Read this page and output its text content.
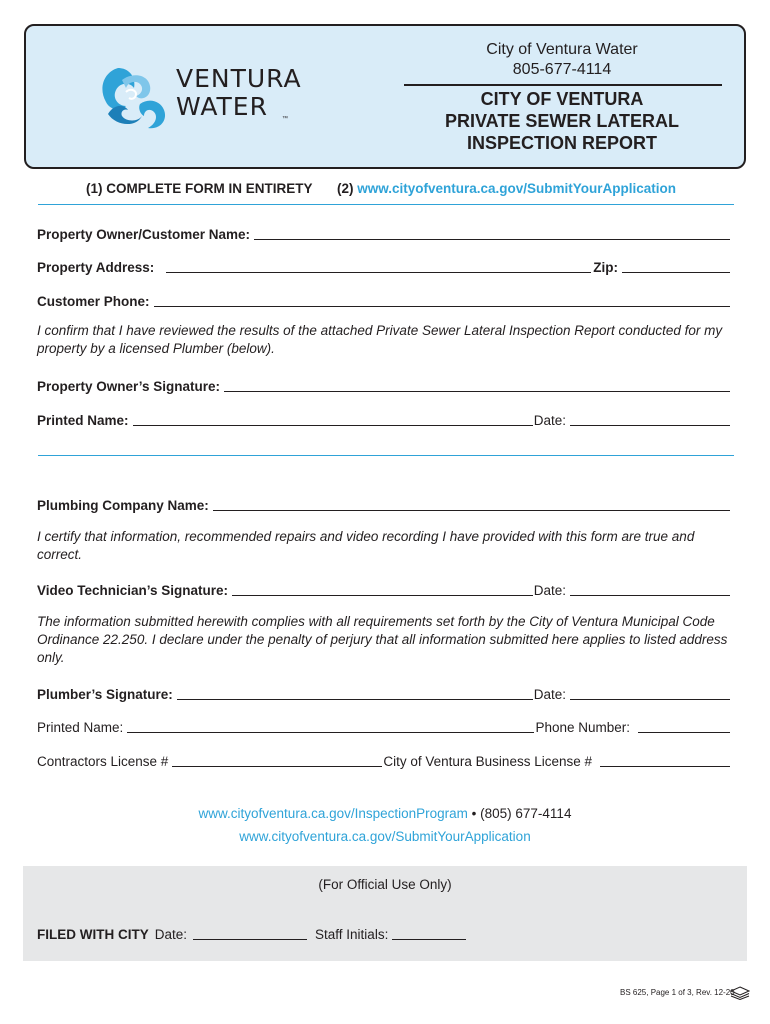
VENTURA
WATER ™
City of Ventura Water
805-677-4114
CITY OF VENTURA
PRIVATE SEWER LATERAL
INSPECTION REPORT
(1) COMPLETE FORM IN ENTIRETY (2) www.cityofventura.ca.gov/SubmitYourApplication
Property Owner/Customer Name:
Property Address:	Zip:
Customer Phone:
I confirm that I have reviewed the results of the attached Private Sewer Lateral Inspection Report conducted for my property by a licensed Plumber (below).
Property Owner’s Signature:
Printed Name:	Date:
Plumbing Company Name:
I certify that information, recommended repairs and video recording I have provided with this form are true and correct.
Video Technician’s Signature:	Date:
The information submitted herewith complies with all requirements set forth by the City of Ventura Municipal Code Ordinance 22.250. I declare under the penalty of perjury that all information submitted here applies to listed address only.
Plumber’s Signature:	Date:
Printed Name:	Phone Number:
Contractors License #	City of Ventura Business License #
www.cityofventura.ca.gov/InspectionProgram • (805) 677-4114
www.cityofventura.ca.gov/SubmitYourApplication
(For Official Use Only)
FILED WITH CITY Date:	Staff Initials:
BS 625, Page 1 of 3, Rev. 12-20
